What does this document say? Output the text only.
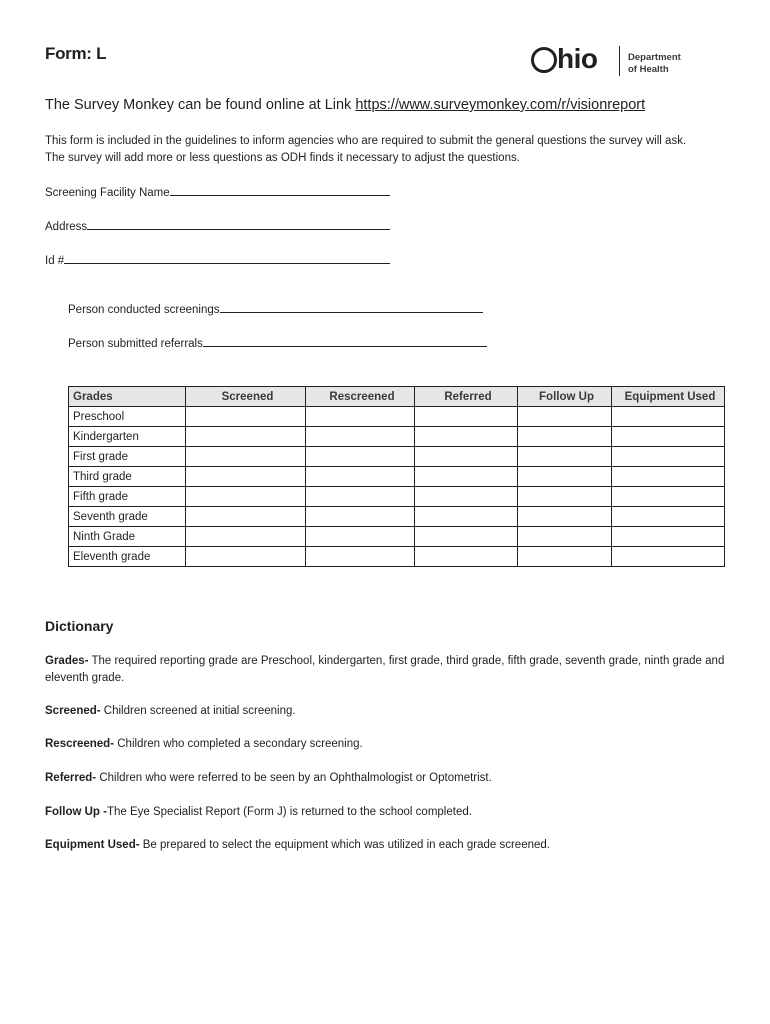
Form: L	hio	Department
of Health
The Survey Monkey can be found online at Link https://www.surveymonkey.com/r/visionreport
This form is included in the guidelines to inform agencies who are required to submit the general questions the survey will ask.
The survey will add more or less questions as ODH finds it necessary to adjust the questions.
Screening Facility Name
Address
Id #
Person conducted screenings
Person submitted referrals
Grades	Screened	Rescreened	Referred	Follow Up	Equipment Used
Preschool					
Kindergarten					
First grade					
Third grade					
Fifth grade					
Seventh grade					
Ninth Grade					
Eleventh grade					
Dictionary
Grades- The required reporting grade are Preschool, kindergarten, first grade, third grade, fifth grade, seventh grade, ninth grade and eleventh grade.
Screened- Children screened at initial screening.
Rescreened- Children who completed a secondary screening.
Referred- Children who were referred to be seen by an Ophthalmologist or Optometrist.
Follow Up -The Eye Specialist Report (Form J) is returned to the school completed.
Equipment Used- Be prepared to select the equipment which was utilized in each grade screened.
